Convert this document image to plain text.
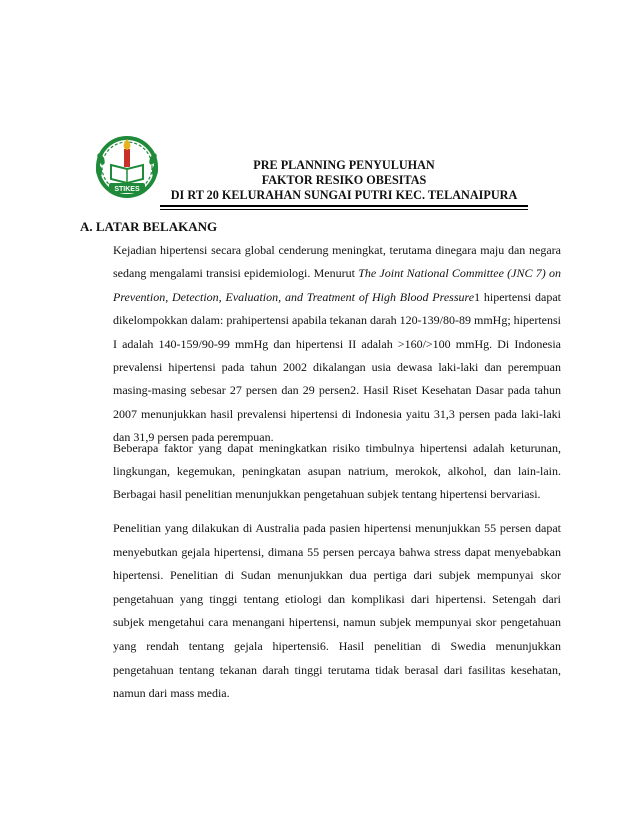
STIKES
PRE PLANNING PENYULUHAN
FAKTOR RESIKO OBESITAS
DI RT 20 KELURAHAN SUNGAI PUTRI KEC. TELANAIPURA
A. LATAR BELAKANG
Kejadian hipertensi secara global cenderung meningkat, terutama dinegara maju dan negara sedang mengalami transisi epidemiologi. Menurut The Joint National Committee (JNC 7) on Prevention, Detection, Evaluation, and Treatment of High Blood Pressure1 hipertensi dapat dikelompokkan dalam: prahipertensi apabila tekanan darah 120-139/80-89 mmHg; hipertensi I adalah 140-159/90-99 mmHg dan hipertensi II adalah >160/>100 mmHg. Di Indonesia prevalensi hipertensi pada tahun 2002 dikalangan usia dewasa laki-laki dan perempuan masing-masing sebesar 27 persen dan 29 persen2. Hasil Riset Kesehatan Dasar pada tahun 2007 menunjukkan hasil prevalensi hipertensi di Indonesia yaitu 31,3 persen pada laki-laki dan 31,9 persen pada perempuan.
Beberapa faktor yang dapat meningkatkan risiko timbulnya hipertensi adalah keturunan, lingkungan, kegemukan, peningkatan asupan natrium, merokok, alkohol, dan lain-lain. Berbagai hasil penelitian menunjukkan pengetahuan subjek tentang hipertensi bervariasi.
Penelitian yang dilakukan di Australia pada pasien hipertensi menunjukkan 55 persen dapat menyebutkan gejala hipertensi, dimana 55 persen percaya bahwa stress dapat menyebabkan hipertensi. Penelitian di Sudan menunjukkan dua pertiga dari subjek mempunyai skor pengetahuan yang tinggi tentang etiologi dan komplikasi dari hipertensi. Setengah dari subjek mengetahui cara menangani hipertensi, namun subjek mempunyai skor pengetahuan yang rendah tentang gejala hipertensi6. Hasil penelitian di Swedia menunjukkan pengetahuan tentang tekanan darah tinggi terutama tidak berasal dari fasilitas kesehatan, namun dari mass media.
